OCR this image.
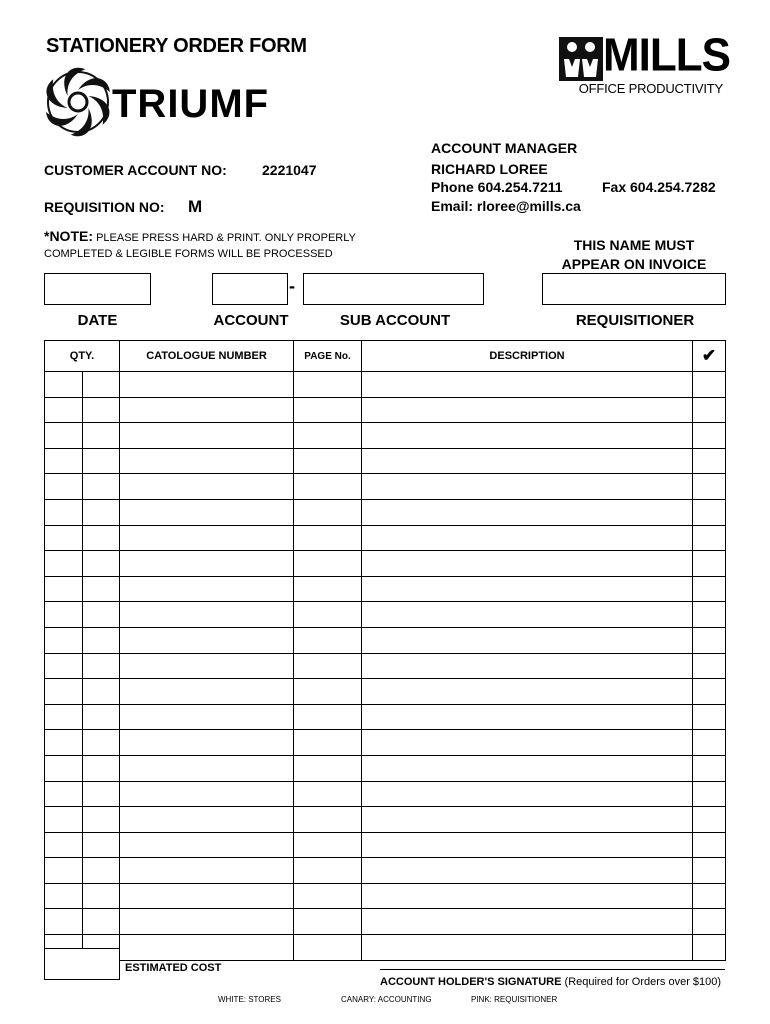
STATIONERY ORDER FORM
TRIUMF
MILLS
OFFICE PRODUCTIVITY
CUSTOMER ACCOUNT NO:	2221047
REQUISITION NO: M
ACCOUNT MANAGER
RICHARD LOREE
Phone 604.254.7211	Fax 604.254.7282
Email: rloree@mills.ca
*NOTE: PLEASE PRESS HARD & PRINT. ONLY PROPERLY
COMPLETED & LEGIBLE FORMS WILL BE PROCESSED
THIS NAME MUST
APPEAR ON INVOICE
-
DATE	ACCOUNT	SUB ACCOUNT	REQUISITIONER
QTY.		CATOLOGUE NUMBER	PAGE No.	DESCRIPTION	✔

ESTIMATED COST
ACCOUNT HOLDER'S SIGNATURE (Required for Orders over $100)
WHITE: STORES	CANARY: ACCOUNTING	PINK: REQUISITIONER
